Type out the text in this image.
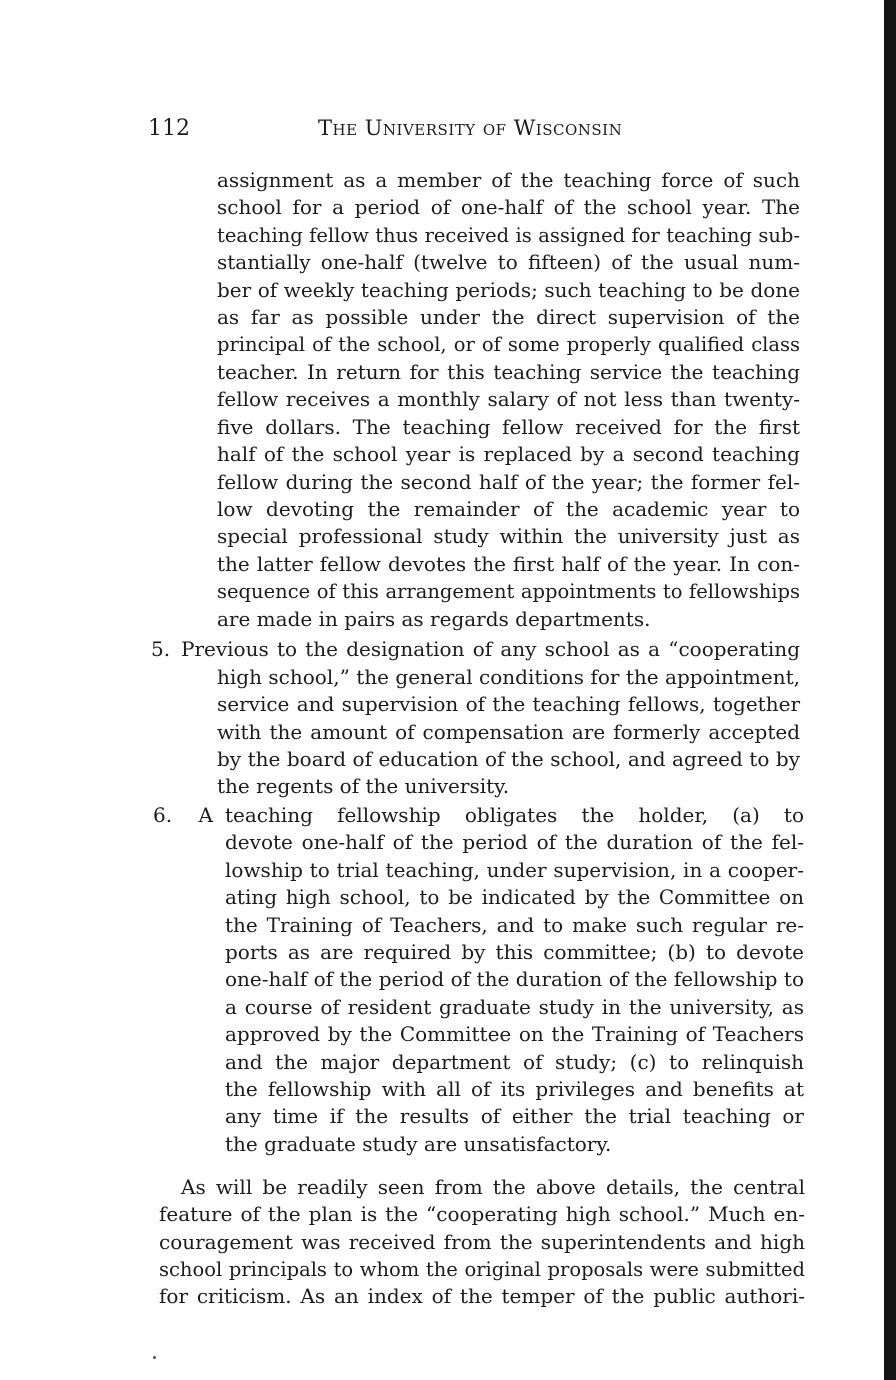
112	The University of Wisconsin
assignment as a member of the teaching force of such
school for a period of one-half of the school year. The
teaching fellow thus received is assigned for teaching sub-
stantially one-half (twelve to fifteen) of the usual num-
ber of weekly teaching periods; such teaching to be done
as far as possible under the direct supervision of the
principal of the school, or of some properly qualified class
teacher. In return for this teaching service the teaching
fellow receives a monthly salary of not less than twenty-
five dollars. The teaching fellow received for the first
half of the school year is replaced by a second teaching
fellow during the second half of the year; the former fel-
low devoting the remainder of the academic year to
special professional study within the university just as
the latter fellow devotes the first half of the year. In con-
sequence of this arrangement appointments to fellowships
are made in pairs as regards departments.
5. Previous to the designation of any school as a “cooperating
high school,” the general conditions for the appointment,
service and supervision of the teaching fellows, together
with the amount of compensation are formerly accepted
by the board of education of the school, and agreed to by
the regents of the university.
6. A teaching fellowship obligates the holder, (a) to
devote one-half of the period of the duration of the fel-
lowship to trial teaching, under supervision, in a cooper-
ating high school, to be indicated by the Committee on
the Training of Teachers, and to make such regular re-
ports as are required by this committee; (b) to devote
one-half of the period of the duration of the fellowship to
a course of resident graduate study in the university, as
approved by the Committee on the Training of Teachers
and the major department of study; (c) to relinquish
the fellowship with all of its privileges and benefits at
any time if the results of either the trial teaching or
the graduate study are unsatisfactory.
As will be readily seen from the above details, the central
feature of the plan is the “cooperating high school.” Much en-
couragement was received from the superintendents and high
school principals to whom the original proposals were submitted
for criticism. As an index of the temper of the public authori-
